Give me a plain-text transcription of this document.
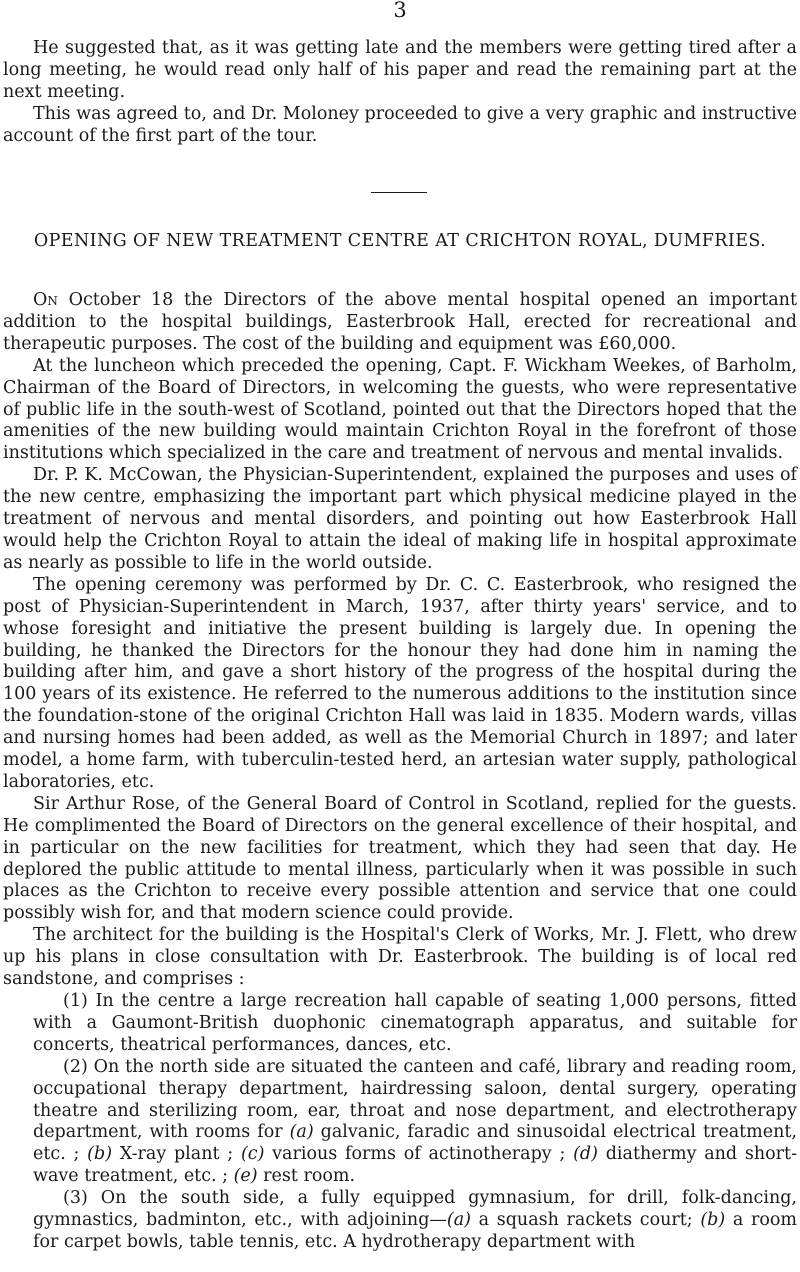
3

He suggested that, as it was getting late and the members were getting tired after a long meeting, he would read only half of his paper and read the remaining part at the next meeting.

This was agreed to, and Dr. Moloney proceeded to give a very graphic and instructive account of the first part of the tour.

OPENING OF NEW TREATMENT CENTRE AT CRICHTON ROYAL, DUMFRIES.

On October 18 the Directors of the above mental hospital opened an important addition to the hospital buildings, Easterbrook Hall, erected for recreational and therapeutic purposes. The cost of the building and equipment was £60,000.

At the luncheon which preceded the opening, Capt. F. Wickham Weekes, of Barholm, Chairman of the Board of Directors, in welcoming the guests, who were representative of public life in the south-west of Scotland, pointed out that the Directors hoped that the amenities of the new building would maintain Crichton Royal in the forefront of those institutions which specialized in the care and treatment of nervous and mental invalids.

Dr. P. K. McCowan, the Physician-Superintendent, explained the purposes and uses of the new centre, emphasizing the important part which physical medicine played in the treatment of nervous and mental disorders, and pointing out how Easterbrook Hall would help the Crichton Royal to attain the ideal of making life in hospital approximate as nearly as possible to life in the world outside.

The opening ceremony was performed by Dr. C. C. Easterbrook, who resigned the post of Physician-Superintendent in March, 1937, after thirty years' service, and to whose foresight and initiative the present building is largely due. In opening the building, he thanked the Directors for the honour they had done him in naming the building after him, and gave a short history of the progress of the hospital during the 100 years of its existence. He referred to the numerous additions to the institution since the foundation-stone of the original Crichton Hall was laid in 1835. Modern wards, villas and nursing homes had been added, as well as the Memorial Church in 1897; and later model, a home farm, with tuberculin-tested herd, an artesian water supply, pathological laboratories, etc.

Sir Arthur Rose, of the General Board of Control in Scotland, replied for the guests. He complimented the Board of Directors on the general excellence of their hospital, and in particular on the new facilities for treatment, which they had seen that day. He deplored the public attitude to mental illness, particularly when it was possible in such places as the Crichton to receive every possible attention and service that one could possibly wish for, and that modern science could provide.

The architect for the building is the Hospital's Clerk of Works, Mr. J. Flett, who drew up his plans in close consultation with Dr. Easterbrook. The building is of local red sandstone, and comprises :

(1) In the centre a large recreation hall capable of seating 1,000 persons, fitted with a Gaumont-British duophonic cinematograph apparatus, and suitable for concerts, theatrical performances, dances, etc.

(2) On the north side are situated the canteen and café, library and reading room, occupational therapy department, hairdressing saloon, dental surgery, operating theatre and sterilizing room, ear, throat and nose department, and electrotherapy department, with rooms for (a) galvanic, faradic and sinusoidal electrical treatment, etc. ; (b) X-ray plant ; (c) various forms of actinotherapy ; (d) diathermy and short-wave treatment, etc. ; (e) rest room.

(3) On the south side, a fully equipped gymnasium, for drill, folk-dancing, gymnastics, badminton, etc., with adjoining—(a) a squash rackets court; (b) a room for carpet bowls, table tennis, etc. A hydrotherapy department with
